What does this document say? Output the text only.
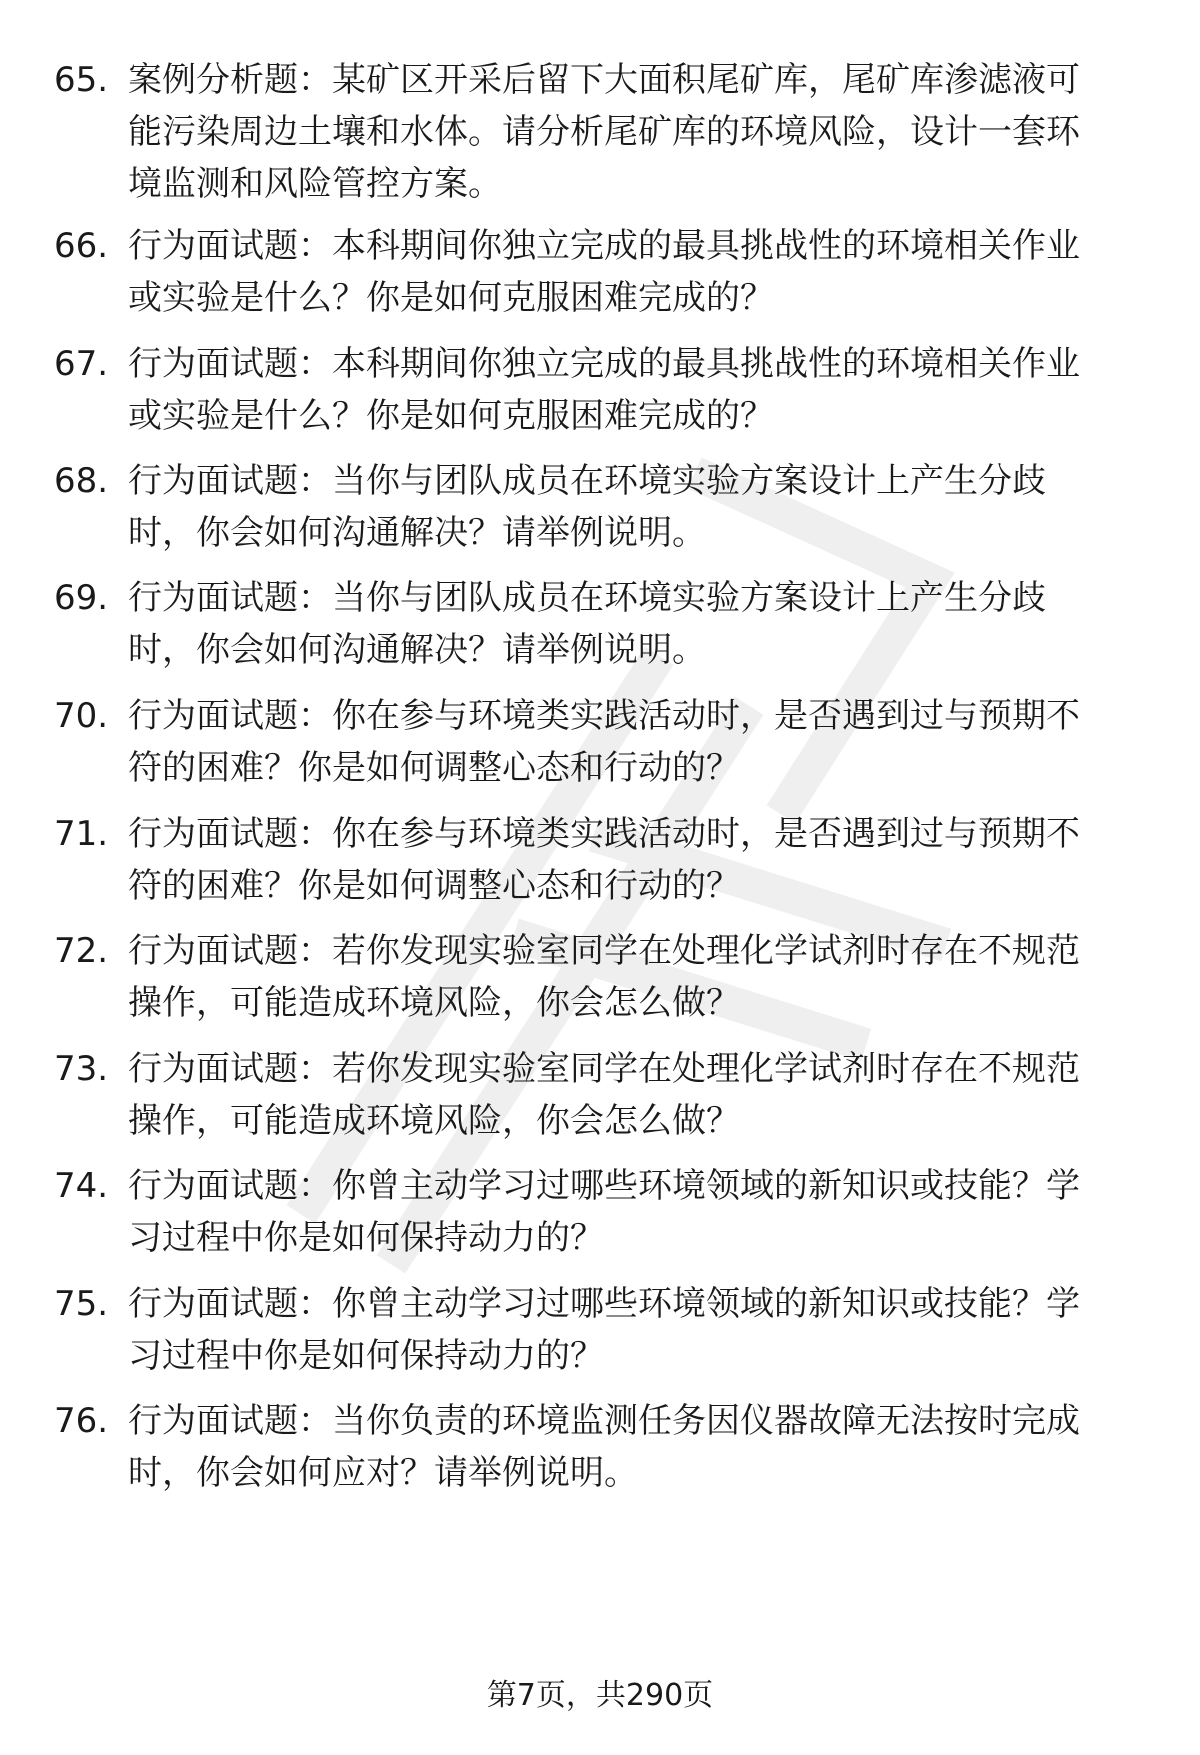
65. 案例分析题：某矿区开采后留下大面积尾矿库，尾矿库渗滤液可
能污染周边土壤和水体。请分析尾矿库的环境风险，设计一套环
境监测和风险管控方案。

66. 行为面试题：本科期间你独立完成的最具挑战性的环境相关作业
或实验是什么？你是如何克服困难完成的？

67. 行为面试题：本科期间你独立完成的最具挑战性的环境相关作业
或实验是什么？你是如何克服困难完成的？

68. 行为面试题：当你与团队成员在环境实验方案设计上产生分歧
时，你会如何沟通解决？请举例说明。

69. 行为面试题：当你与团队成员在环境实验方案设计上产生分歧
时，你会如何沟通解决？请举例说明。

70. 行为面试题：你在参与环境类实践活动时，是否遇到过与预期不
符的困难？你是如何调整心态和行动的？

71. 行为面试题：你在参与环境类实践活动时，是否遇到过与预期不
符的困难？你是如何调整心态和行动的？

72. 行为面试题：若你发现实验室同学在处理化学试剂时存在不规范
操作，可能造成环境风险，你会怎么做？

73. 行为面试题：若你发现实验室同学在处理化学试剂时存在不规范
操作，可能造成环境风险，你会怎么做？

74. 行为面试题：你曾主动学习过哪些环境领域的新知识或技能？学
习过程中你是如何保持动力的？

75. 行为面试题：你曾主动学习过哪些环境领域的新知识或技能？学
习过程中你是如何保持动力的？

76. 行为面试题：当你负责的环境监测任务因仪器故障无法按时完成
时，你会如何应对？请举例说明。

第7页，共290页
